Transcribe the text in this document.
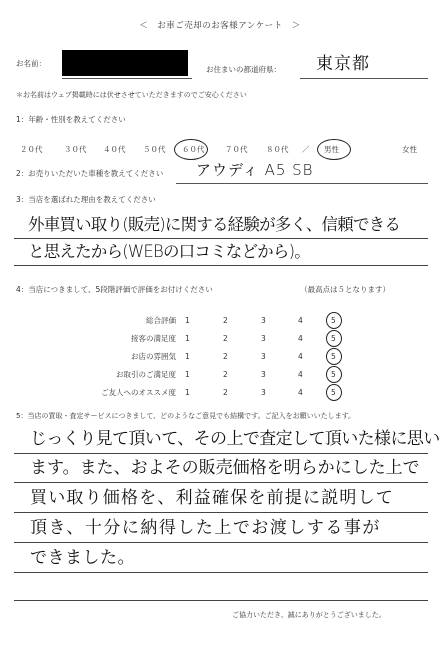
＜　お車ご売却のお客様アンケート　＞
お名前：
お住まいの都道府県： 東京都
＊お名前はウェブ掲載時には伏せさせていただきますのでご安心ください
1：年齢・性別を教えてください
２０代	３０代 ４０代 ５０代 ６０代	７０代 ８０代 ／ 男性	女性
2：お売りいただいた車種を教えてください アウディ A5 SB
3：当店を選ばれた理由を教えてください
外車買い取り(販売)に関する経験が多く、信頼できる
と思えたから(WEBの口コミなどから)。
4：当店につきまして、5段階評価で評価をお付けください	（最高点は５となります）
総合評価 1	2	3	4	5
接客の満足度 1	2	3	4	5
お店の雰囲気 1	2	3	4	5
お取引のご満足度 1	2	3	4	5
ご友人へのオススメ度 1	2	3	4	5
5：当店の買取・査定サービスにつきまして、どのようなご意見でも結構です。ご記入をお願いいたします。
じっくり見て頂いて、その上で査定して頂いた様に思い
ます。また、およその販売価格を明らかにした上で
買い取り価格を、利益確保を前提に説明して
頂き、十分に納得した上でお渡しする事が
できました。
ご協力いただき、誠にありがとうございました。
